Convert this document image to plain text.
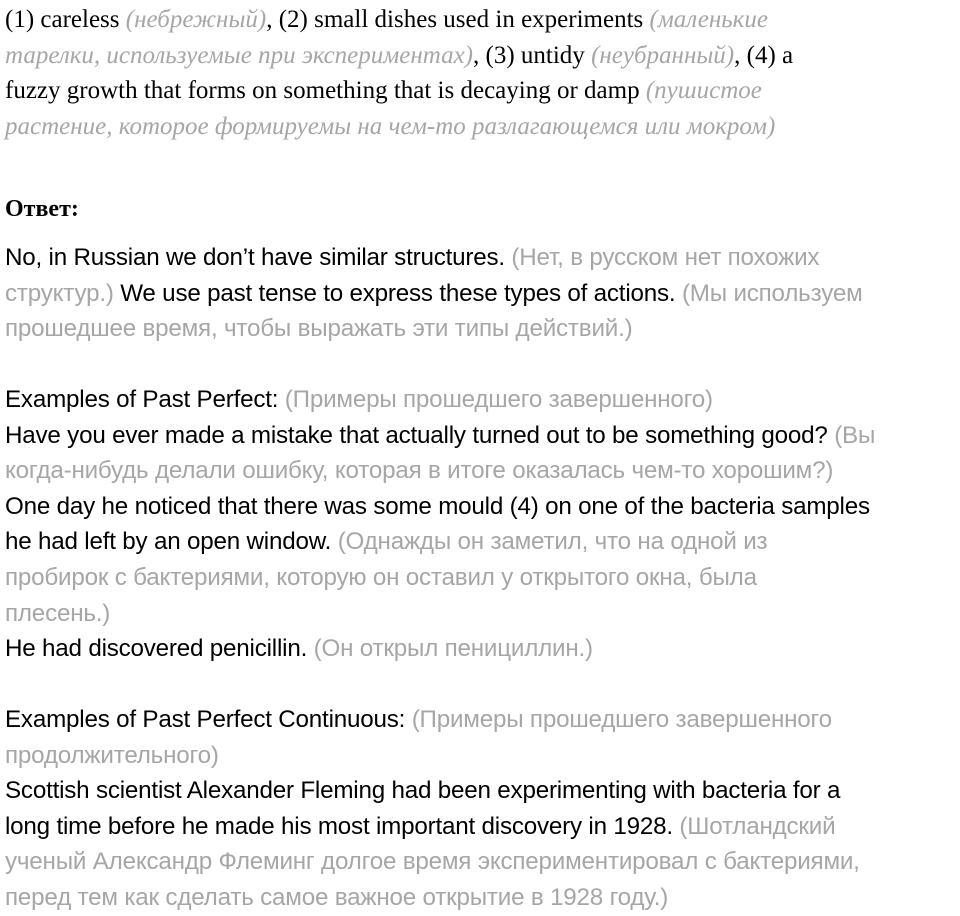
(1) careless (небрежный), (2) small dishes used in experiments (маленькие
тарелки, используемые при экспериментах), (3) untidy (неубранный), (4) a
fuzzy growth that forms on something that is decaying or damp (пушистое
растение, которое формируемы на чем-то разлагающемся или мокром)
Ответ:
No, in Russian we don’t have similar structures. (Нет, в русском нет похожих
структур.) We use past tense to express these types of actions. (Мы используем
прошедшее время, чтобы выражать эти типы действий.)
Examples of Past Perfect: (Примеры прошедшего завершенного)
Have you ever made a mistake that actually turned out to be something good? (Вы
когда-нибудь делали ошибку, которая в итоге оказалась чем-то хорошим?)
One day he noticed that there was some mould (4) on one of the bacteria samples
he had left by an open window. (Однажды он заметил, что на одной из
пробирок с бактериями, которую он оставил у открытого окна, была
плесень.)
He had discovered penicillin. (Он открыл пенициллин.)
Examples of Past Perfect Continuous: (Примеры прошедшего завершенного
продолжительного)
Scottish scientist Alexander Fleming had been experimenting with bacteria for a
long time before he made his most important discovery in 1928. (Шотландский
ученый Александр Флеминг долгое время экспериментировал с бактериями,
перед тем как сделать самое важное открытие в 1928 году.)
